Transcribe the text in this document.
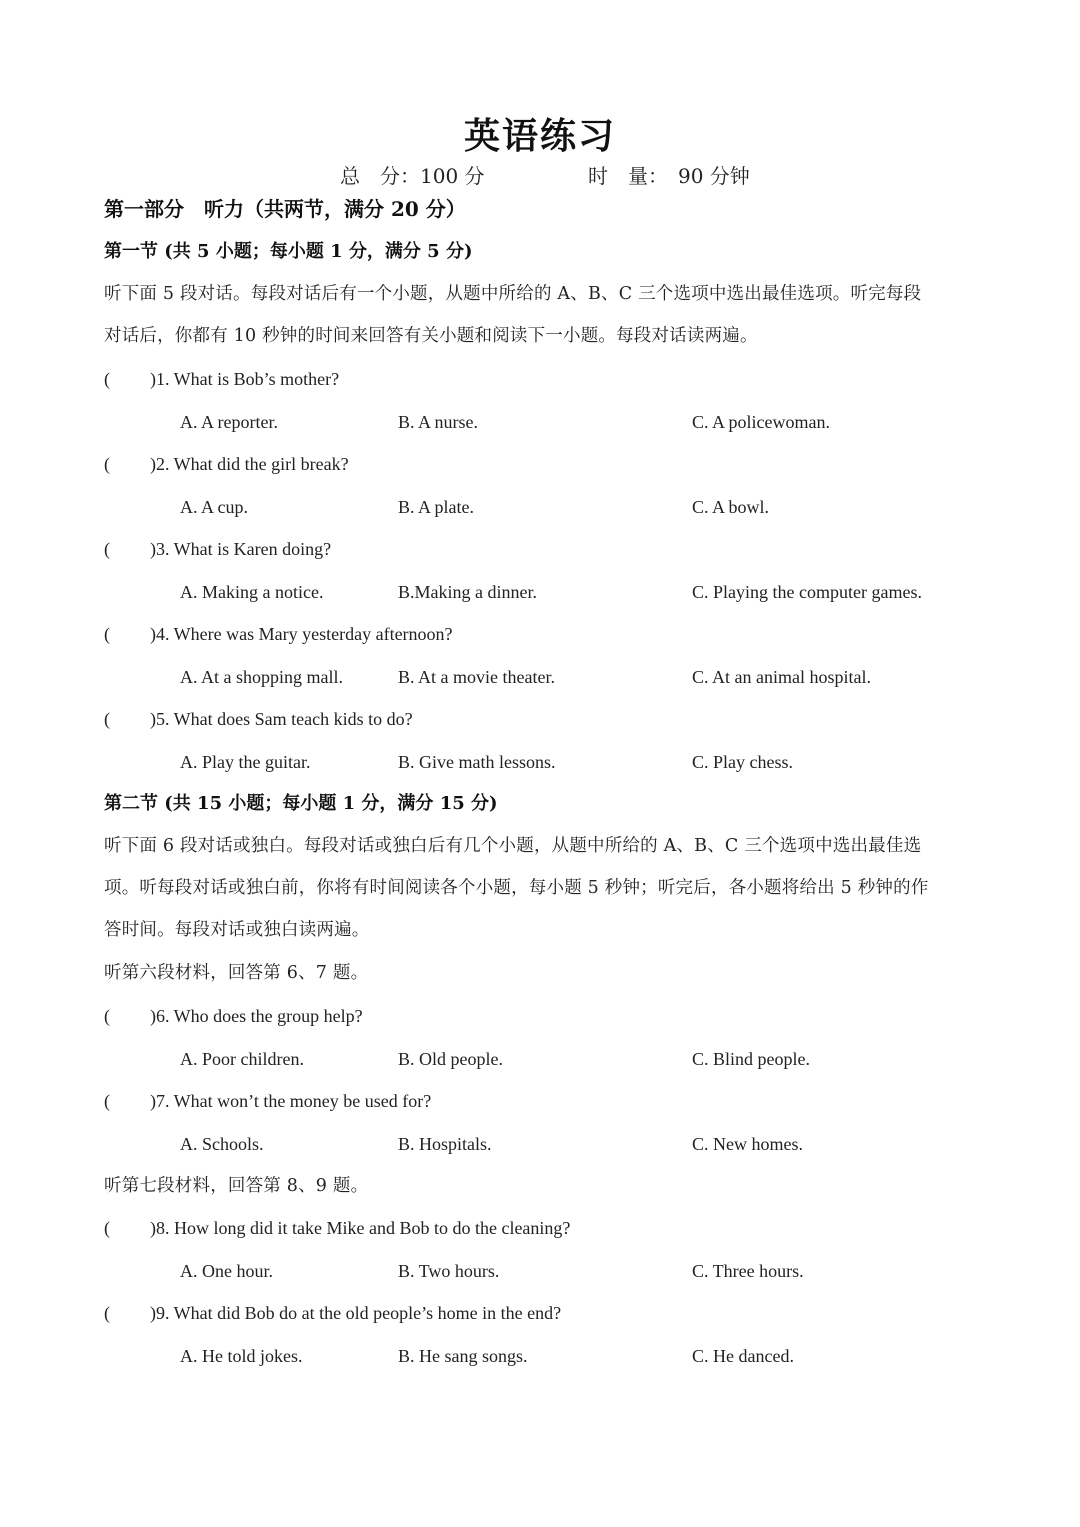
英语练习
总　分：100 分	时　量：　90 分钟
第一部分　听力（共两节，满分 20 分）
第一节 (共 5 小题；每小题 1 分，满分 5 分)
听下面 5 段对话。每段对话后有一个小题，从题中所给的 A、B、C 三个选项中选出最佳选项。听完每段
对话后，你都有 10 秒钟的时间来回答有关小题和阅读下一小题。每段对话读两遍。
( )1. What is Bob’s mother?
A. A reporter.	B. A nurse.	C. A policewoman.
( )2. What did the girl break?
A. A cup.	B. A plate.	C. A bowl.
( )3. What is Karen doing?
A. Making a notice.	B.Making a dinner.	C. Playing the computer games.
( )4. Where was Mary yesterday afternoon?
A. At a shopping mall.	B. At a movie theater.	C. At an animal hospital.
( )5. What does Sam teach kids to do?
A. Play the guitar.	B. Give math lessons.	C. Play chess.
第二节 (共 15 小题；每小题 1 分，满分 15 分)
听下面 6 段对话或独白。每段对话或独白后有几个小题，从题中所给的 A、B、C 三个选项中选出最佳选
项。听每段对话或独白前，你将有时间阅读各个小题，每小题 5 秒钟；听完后，各小题将给出 5 秒钟的作
答时间。每段对话或独白读两遍。
听第六段材料，回答第 6、7 题。
( )6. Who does the group help?
A. Poor children.	B. Old people.	C. Blind people.
( )7. What won’t the money be used for?
A. Schools.	B. Hospitals.	C. New homes.
听第七段材料，回答第 8、9 题。
( )8. How long did it take Mike and Bob to do the cleaning?
A. One hour.	B. Two hours.	C. Three hours.
( )9. What did Bob do at the old people’s home in the end?
A. He told jokes.	B. He sang songs.	C. He danced.
